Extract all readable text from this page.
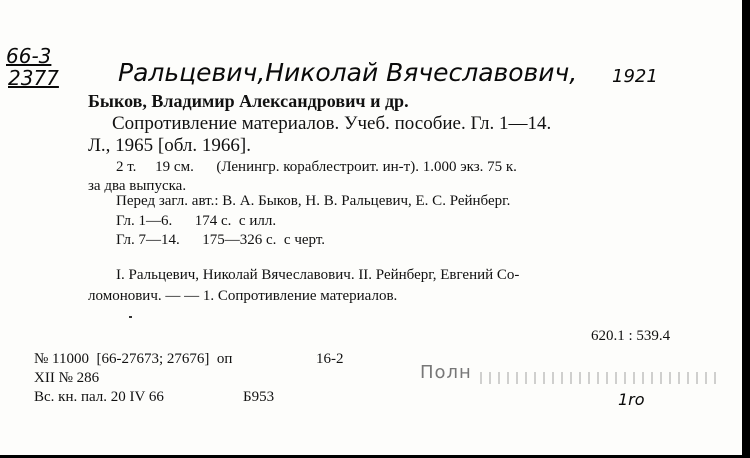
66-3
2377 Ральцевич,Николай Вячеславович, 1921
Быков, Владимир Александрович и др.
Сопротивление материалов. Учеб. пособие. Гл. 1—14.
Л., 1965 [обл. 1966].
2 т.     19 см.      (Ленингр. кораблестроит. ин-т). 1.000 экз. 75 к.
за два выпуска.
Перед загл. авт.: В. А. Быков, Н. В. Ральцевич, Е. С. Рейнберг.
Гл. 1—6.      174 с.  с илл.
Гл. 7—14.      175—326 с.  с черт.
I. Ральцевич, Николай Вячеславович. II. Рейнберг, Евгений Со-
ломонович. — — 1. Сопротивление материалов.
620.1 : 539.4
№ 11000  [66-27673; 27676]  оп	16-2
XII № 286
Вс. кн. пал. 20 IV 66	Б953
Полн
1ro
